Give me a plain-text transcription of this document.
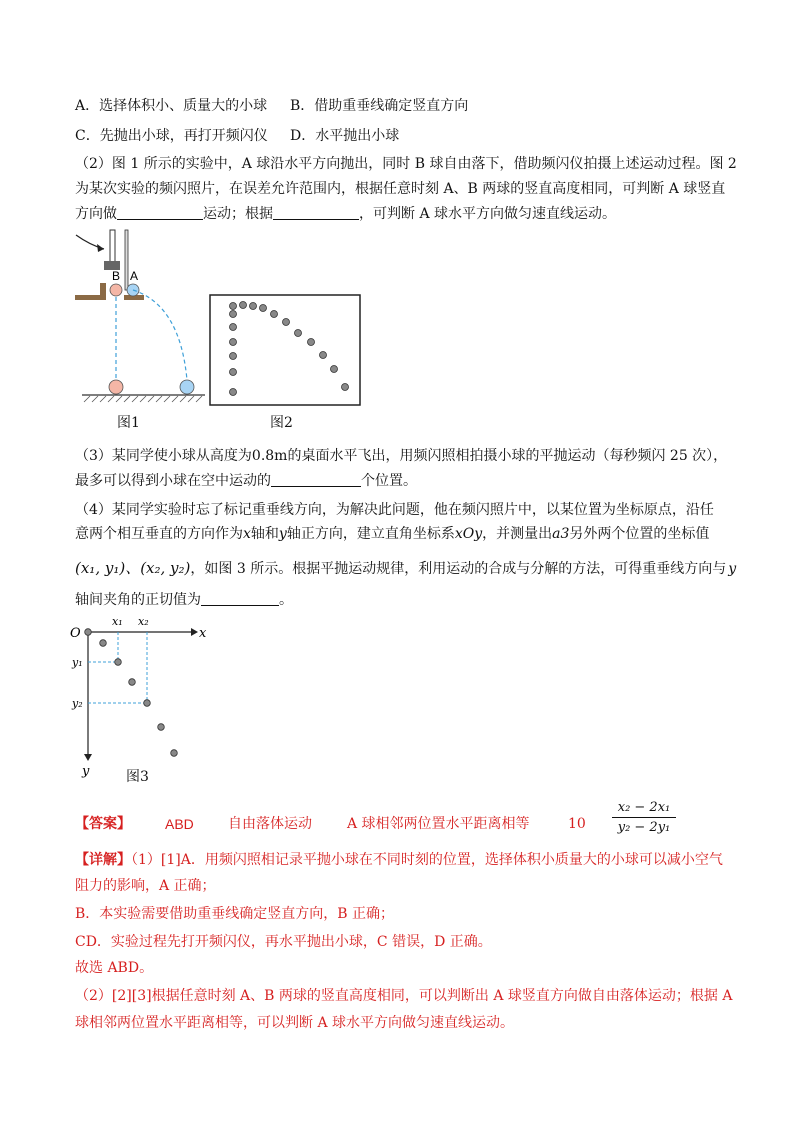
A．选择体积小、质量大的小球 B．借助重垂线确定竖直方向
C．先抛出小球，再打开频闪仪 D．水平抛出小球
（2）图 1 所示的实验中，A 球沿水平方向抛出，同时 B 球自由落下，借助频闪仪拍摄上述运动过程。图 2
为某次实验的频闪照片，在误差允许范围内，根据任意时刻 A、B 两球的竖直高度相同，可判断 A 球竖直
方向做	运动；根据	，可判断 A 球水平方向做匀速直线运动。
B A
图1	图2
（3）某同学使小球从高度为0.8m的桌面水平飞出，用频闪照相拍摄小球的平抛运动（每秒频闪 25 次），
最多可以得到小球在空中运动的	个位置。
（4）某同学实验时忘了标记重垂线方向，为解决此问题，他在频闪照片中，以某位置为坐标原点，沿任
意两个相互垂直的方向作为x轴和y轴正方向，建立直角坐标系xOy，并测量出a3另外两个位置的坐标值
(x₁, y₁)、(x₂, y₂)，如图 3 所示。根据平抛运动规律，利用运动的合成与分解的方法，可得重垂线方向与 y
轴间夹角的正切值为	。
O	x
y
x₁ x₂
y₁
y₂
图3
【答案】 ABD 自由落体运动	A 球相邻两位置水平距离相等	10
x₂ − 2x₁
y₂ − 2y₁
【详解】（1）[1]A．用频闪照相记录平抛小球在不同时刻的位置，选择体积小质量大的小球可以减小空气
阻力的影响，A 正确；
B．本实验需要借助重垂线确定竖直方向，B 正确；
CD．实验过程先打开频闪仪，再水平抛出小球，C 错误，D 正确。
故选 ABD。
（2）[2][3]根据任意时刻 A、B 两球的竖直高度相同，可以判断出 A 球竖直方向做自由落体运动；根据 A
球相邻两位置水平距离相等，可以判断 A 球水平方向做匀速直线运动。
